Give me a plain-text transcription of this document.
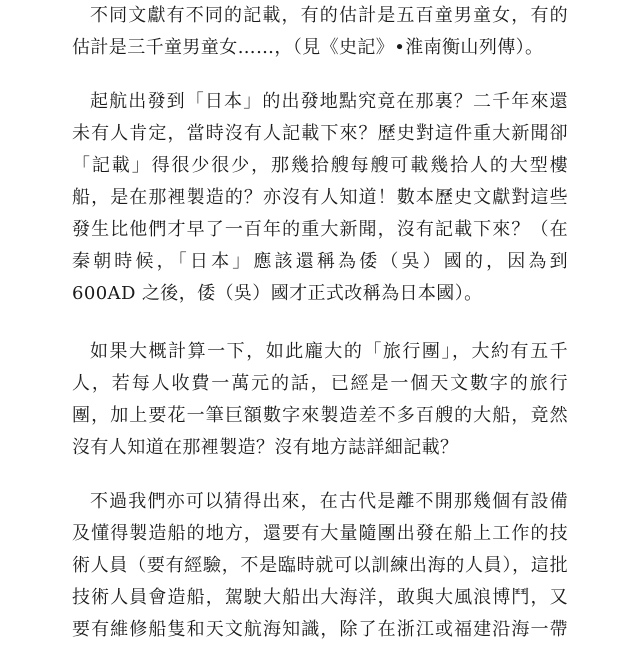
不同文獻有不同的記載，有的估計是五百童男童女，有的
估計是三千童男童女……，（見《史記》•淮南衡山列傳）。
起航出發到「日本」的出發地點究竟在那裏？二千年來還
未有人肯定，當時沒有人記載下來？歷史對這件重大新聞卻
「記載」得很少很少，那幾拾艘每艘可載幾拾人的大型樓
船，是在那裡製造的？亦沒有人知道！數本歷史文獻對這些
發生比他們才早了一百年的重大新聞，沒有記載下來？（在
秦朝時候，「日本」應該還稱為倭（吳）國的，因為到
600AD 之後，倭（吳）國才正式改稱為日本國）。
如果大概計算一下，如此龐大的「旅行團」，大約有五千
人，若每人收費一萬元的話，已經是一個天文數字的旅行
團，加上要花一筆巨額數字來製造差不多百艘的大船，竟然
沒有人知道在那裡製造？沒有地方誌詳細記載？
不過我們亦可以猜得出來，在古代是離不開那幾個有設備
及懂得製造船的地方，還要有大量隨團出發在船上工作的技
術人員（要有經驗，不是臨時就可以訓練出海的人員），這批
技術人員會造船，駕駛大船出大海洋，敢與大風浪博鬥，又
要有維修船隻和天文航海知識，除了在浙江或福建沿海一帶
